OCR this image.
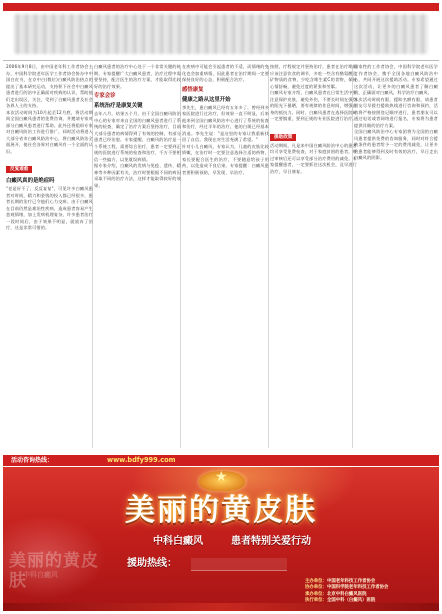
2006年9月8日，由中国老年科工作者协会主办，中国科学院老年医学工作者协会协办中中国白皮书，在京中白(数位)白癜风防治热点的提出了基本研究运动，支持积下社会中白癜风患者进行的治中正确面对疾病的认识，帮助他们走出误区，关注，受到了白癜风患者及社会各界人士的支持。

本次活动时间为10月起至12月底，将活动期间全国白癜风患者的免费咨询，并邀请专家对部分白癜风患者进行帮助。此外还将组织专家对白癜风防治工作进行推广，同时活动将进入大部分省市白癜风防治中心，将白癜风防治全面展开，使社会各界对白癜风有一个全面的认识。

反复难愈

白癜风真的是绝症吗

"老是好不了，反反复复"，可见许多白癜风患者对时间，精力和金钱的投入都已经很多，患者长期的治疗已令他们心力交瘁。由于白癜风在目前仍然是难治性疾病，造成患者容易产生悲观情绪，加上发病机理复杂，许多患者治疗一段时间后，由于效果不明显，就放弃了治疗，这是非常可惜的。

白癜风患者的治疗中心处于一个非常关键的时期，专家提醒广大白癜风患者，治疗过程中需要坚持，配合医生的治疗方案，才能取得比较好的治疗效果。

专家会诊

系统治疗是康复关键

去年八月，结果五个月，由于全国白癜风防治中心的专家对来自全国的白癜风患者进行了系统的检查，确定了治疗方案后坚持治疗，目前大部分患者的病情得到了有效的控制，有部分患者已经治愈。专家提醒，白癜风的治疗是一个系统工程，需要综合治疗，患者一定要到正规的医院进行系统的检查和治疗，千万不要相信一些偏方，以免耽误病情。

据专家介绍，白癜风的发病与免疫、遗传、精神等多种因素有关，治疗时要根据不同的病因采取不同的治疗方法，这样才能取得较好的效果。

在疾病中可能会引起患者的不适，而情绪的变化也会加重病情，因此患者在治疗期间一定要保持良好的心态，积极配合治疗。

感悟康复

健康之路从这里开始

李先生，患白癜风已经有五年多了，曾经到多家医院进行过治疗，但效果一直不明显，后来他来到全国白癜风防治中心进行了系统的检查和治疗，经过半年的治疗，他的白斑已经基本消退。李先生说："是这里的专家让我重新找回了自信，我现在对生活充满了希望。"

针对小儿白癜风，专家认为，儿童的皮肤比较娇嫩，在治疗时一定要注意选择合适的药物，家长要配合医生的治疗，不要随意给孩子用药，以免造成不良后果。专家提醒：白癜风患者要积极预防，早发现、早治疗。

按照，疗程规定并坚持治疗，患者在治疗期间应该注意饮食的调节，多吃一些含有酪氨酸及矿物质的食物，少吃含维生素C的食物，保持心情舒畅，避免过度的紧张和劳累。

白癜风专家介绍，白癜风患者在日常生活中要注意保护皮肤，避免外伤，不要长时间在强烈的阳光下暴晒，要有规律的作息时间，增强自身的抵抗力。同时，白癜风患者在选择医院时一定要慎重，要到正规的专业医院进行治疗。

援助政策

活动期间，凡是来中国白癜风防治中心的患者均可享受免费检查，对于家庭贫困的患者，经过审核后还可以享受部分治疗费用的减免。专家提醒患者，一定要抓住这次机会，及早进行治疗，早日康复。

国家性的工作者协会，中国科学院老年医学工作者协会，携手全国各地白癜风防治中心，共同开展这次援助活动。专家希望通过这次活动，让更多的白癜风患者了解白癜风，正确面对白癜风，科学治疗白癜风。

本次活动时间有限，援助名额有限，请患者朋友尽早拨打援助热线进行咨询和预约，活动将严格按照登记顺序进行，患者朋友可以通过电话或者网络进行报名，专家将为患者提供详细的治疗方案。

全国白癜风防治中心专家团将为全国的白癜风患者提供免费的咨询服务，同时对符合援助条件的患者给予一定的费用减免，让更多的患者能够得到及时有效的治疗，早日走出白癜风的阴影。

活动咨询热线：	www.bdfy999.com
★
美丽的黄皮肤
中科白癜风	患者特别关爱行动
美丽的黄皮肤
中科白癜风
援助热线：

主办单位：中国老年科技工作者协会

协办单位：中国科学院老年科技工作者协会

承办单位：北京中科白癜风医院

执行单位：全国中科（白癜风）医院
